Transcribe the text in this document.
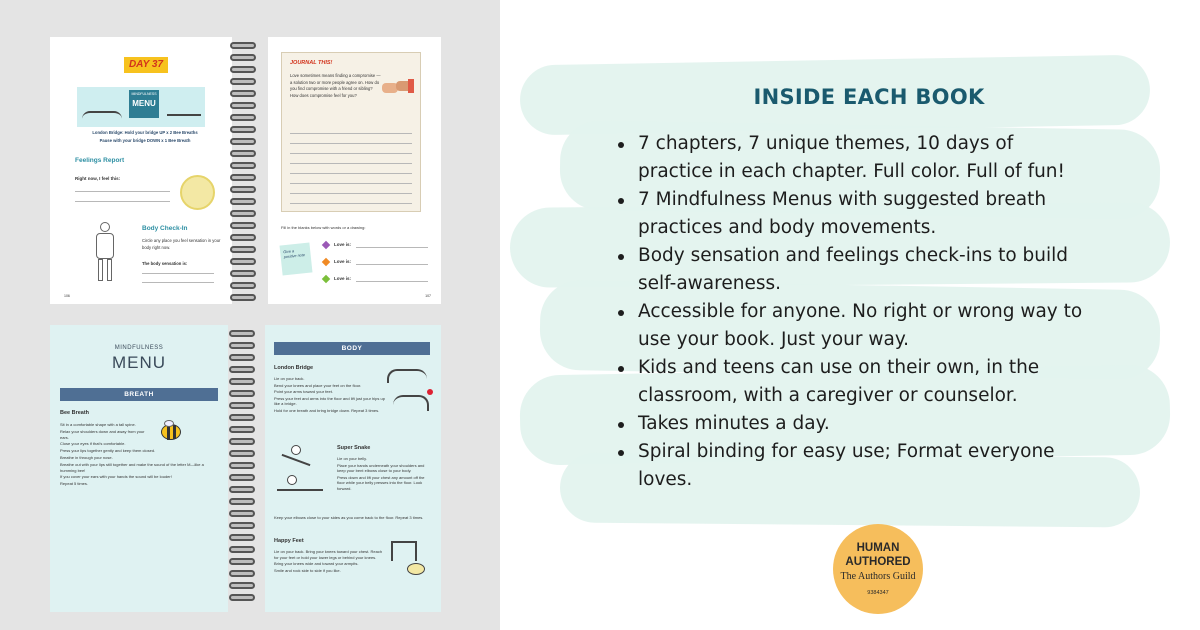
DAY 37
MINDFULNESS
MENU
London Bridge: Hold your bridge UP x 2 Bee Breaths
Pause with your bridge DOWN x 1 Bee Breath
Feelings Report
Right now, I feel this:
Body Check-In
Circle any place you feel sensation in your body right now.
The body sensation is:
106
JOURNAL THIS!
Love sometimes means finding a compromise — a solution two or more people agree on. How do you find compromise with a friend or sibling? How does compromise feel for you?
Fill in the blanks below with words or a drawing:
Give a positive note
Love is:
Love is:
Love is:
107
MINDFULNESS
MENU
BREATH
Bee Breath
Sit in a comfortable shape with a tall spine.
Relax your shoulders down and away from your ears.
Close your eyes if that's comfortable.
Press your lips together gently and keep them closed.
Breathe in through your nose.
Breathe out with your lips still together and make the sound of the letter M—like a humming bee!
If you cover your ears with your hands the sound will be louder!
Repeat 5 times.
BODY
London Bridge
Lie on your back.
Bend your knees and place your feet on the floor.
Point your arms toward your feet.
Press your feet and arms into the floor and lift just your hips up like a bridge.
Hold for one breath and bring bridge down. Repeat 3 times.
Super Snake
Lie on your belly.
Place your hands underneath your shoulders and keep your bent elbows close to your body.
Press down and lift your chest any amount off the floor while your belly presses into the floor. Look forward.
Keep your elbows close to your sides as you come back to the floor. Repeat 3 times.
Happy Feet
Lie on your back. Bring your knees toward your chest. Reach for your feet or hold your lower legs or behind your knees.
Bring your knees wide and toward your armpits.
Smile and rock side to side if you like.
INSIDE EACH BOOK
7 chapters, 7 unique themes, 10 days of practice in each chapter. Full color. Full of fun!
7 Mindfulness Menus with suggested breath practices and body movements.
Body sensation and feelings check-ins to build self-awareness.
Accessible for anyone. No right or wrong way to use your book. Just your way.
Kids and teens can use on their own, in the classroom, with a caregiver or counselor.
Takes minutes a day.
Spiral binding for easy use; Format everyone loves.
HUMAN
AUTHORED
The Authors Guild
9384347
